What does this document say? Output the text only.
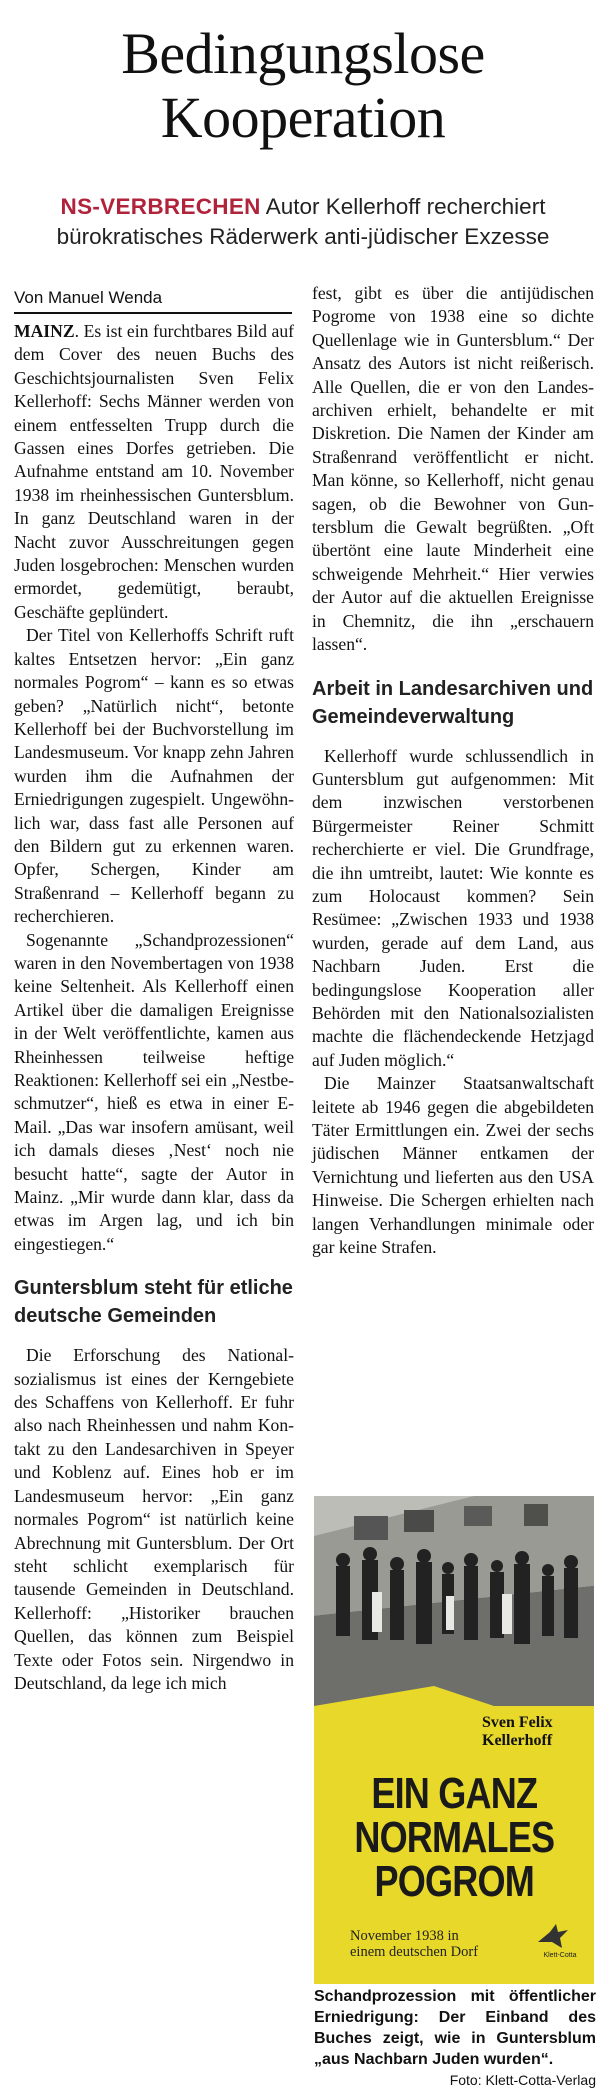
Bedingungslose
Kooperation
NS-VERBRECHEN Autor Kellerhoff recherchiert
bürokratisches Räderwerk anti-jüdischer Exzesse
Von Manuel Wenda

MAINZ. Es ist ein furchtbares Bild auf dem Cover des neuen Buchs des Geschichtsjournalisten Sven Felix Kellerhoff: Sechs Männer werden von einem entfesselten Trupp durch die Gassen eines Dorfes getrieben. Die Aufnahme entstand am 10. November 1938 im rheinhessischen Guntersblum. In ganz Deutschland waren in der Nacht zuvor Ausschreitungen gegen Juden losgebrochen: Menschen wurden ermordet, gedemütigt, beraubt, Geschäfte geplündert.

Der Titel von Kellerhoffs Schrift ruft kaltes Entsetzen hervor: „Ein ganz normales Pogrom“ – kann es so etwas geben? „Natürlich nicht“, betonte Kellerhoff bei der Buchvorstellung im Landesmuseum. Vor knapp zehn Jahren wurden ihm die Aufnahmen der Erniedrigungen zugespielt. Ungewöhnlich war, dass fast alle Personen auf den Bildern gut zu erkennen waren. Opfer, Schergen, Kinder am Straßenrand – Kellerhoff begann zu recherchieren.

Sogenannte „Schandprozessionen“ waren in den Novembertagen von 1938 keine Seltenheit. Als Kellerhoff einen Artikel über die damaligen Ereignisse in der Welt veröffentlichte, kamen aus Rheinhessen teilweise heftige Reaktionen: Kellerhoff sei ein „Nestbeschmutzer“, hieß es etwa in einer E-Mail. „Das war insofern amüsant, weil ich damals dieses ‚Nest‘ noch nie besucht hatte“, sagte der Autor in Mainz. „Mir wurde dann klar, dass da etwas im Argen lag, und ich bin eingestiegen.“

Guntersblum steht für etliche deutsche Gemeinden

Die Erforschung des Nationalsozialismus ist eines der Kerngebiete des Schaffens von Kellerhoff. Er fuhr also nach Rheinhessen und nahm Kontakt zu den Landesarchiven in Speyer und Koblenz auf. Eines hob er im Landesmuseum hervor: „Ein ganz normales Pogrom“ ist natürlich keine Abrechnung mit Guntersblum. Der Ort steht schlicht exemplarisch für tausende Gemeinden in Deutschland. Kellerhoff: „Historiker brauchen Quellen, das können zum Beispiel Texte oder Fotos sein. Nirgendwo in Deutschland, da lege ich mich

fest, gibt es über die antijüdischen Pogrome von 1938 eine so dichte Quellenlage wie in Guntersblum.“ Der Ansatz des Autors ist nicht reißerisch. Alle Quellen, die er von den Landesarchiven erhielt, behandelte er mit Diskretion. Die Namen der Kinder am Straßenrand veröffentlicht er nicht. Man könne, so Kellerhoff, nicht genau sagen, ob die Bewohner von Guntersblum die Gewalt begrüßten. „Oft übertönt eine laute Minderheit eine schweigende Mehrheit.“ Hier verwies der Autor auf die aktuellen Ereignisse in Chemnitz, die ihn „erschauern lassen“.

Arbeit in Landesarchiven und Gemeindeverwaltung

Kellerhoff wurde schlussendlich in Guntersblum gut aufgenommen: Mit dem inzwischen verstorbenen Bürgermeister Reiner Schmitt recherchierte er viel. Die Grundfrage, die ihn umtreibt, lautet: Wie konnte es zum Holocaust kommen? Sein Resümee: „Zwischen 1933 und 1938 wurden, gerade auf dem Land, aus Nachbarn Juden. Erst die bedingungslose Kooperation aller Behörden mit den Nationalsozialisten machte die flächendeckende Hetzjagd auf Juden möglich.“

Die Mainzer Staatsanwaltschaft leitete ab 1946 gegen die abgebildeten Täter Ermittlungen ein. Zwei der sechs jüdischen Männer entkamen der Vernichtung und lieferten aus den USA Hinweise. Die Schergen erhielten nach langen Verhandlungen minimale oder gar keine Strafen.

Sven Felix
Kellerhoff
EIN GANZ
NORMALES
POGROM
November 1938 in
einem deutschen Dorf	Klett-Cotta
Schandprozession mit öffentlicher Erniedrigung: Der Einband des Buches zeigt, wie in Guntersblum „aus Nachbarn Juden wurden“.
Foto: Klett-Cotta-Verlag
